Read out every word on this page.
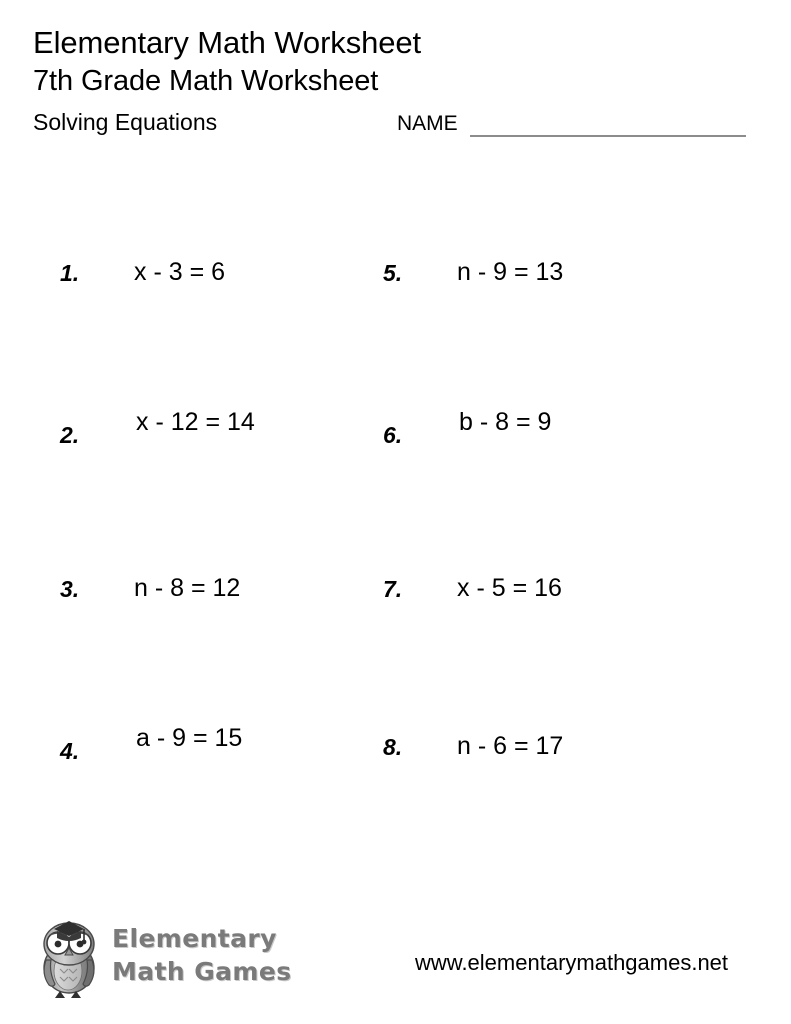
Elementary Math Worksheet
7th Grade Math Worksheet
Solving Equations	NAME
1. x - 3 = 6	5. n - 9 = 13
2. x - 12 = 14	6. b - 8 = 9
3. n - 8 = 12	7. x - 5 = 16
4. a - 9 = 15	8. n - 6 = 17
Elementary
Math Games	www.elementarymathgames.net
